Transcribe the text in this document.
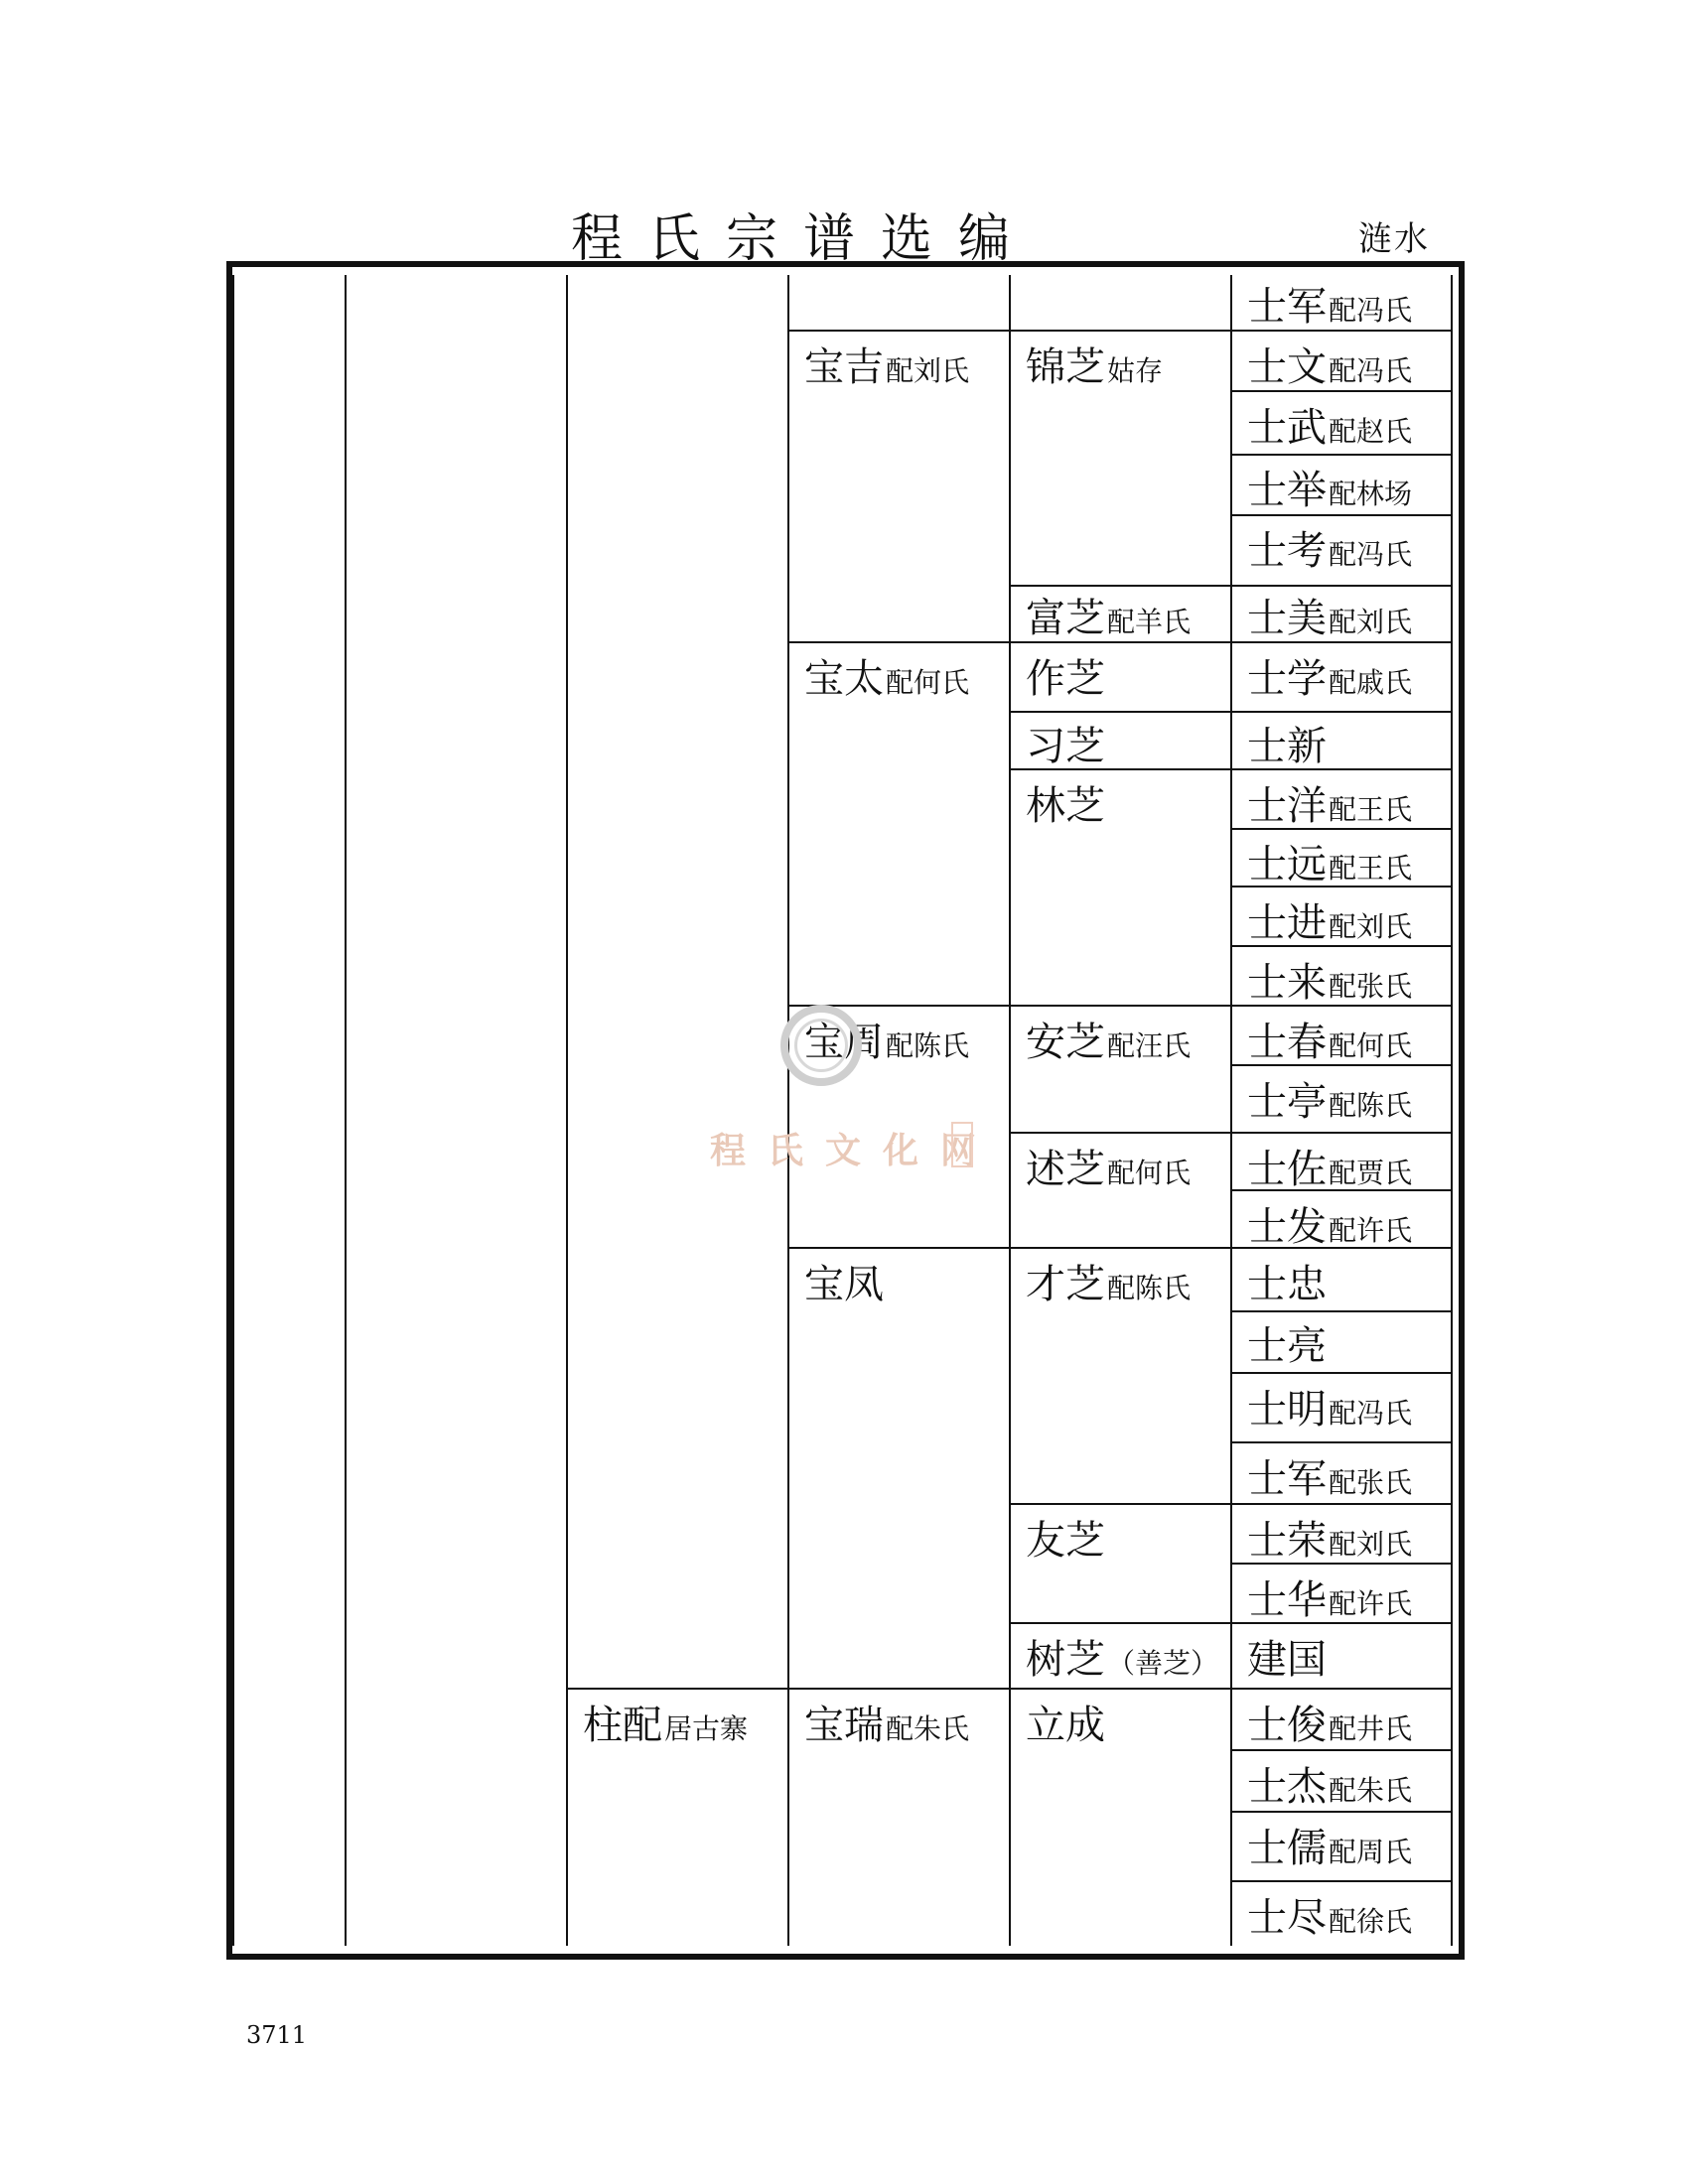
程氏宗谱选编	涟水
柱配居古寨
宝吉配刘氏
宝太配何氏
宝周配陈氏
宝凤
宝瑞配朱氏
锦芝姑存
富芝配羊氏
作芝
习芝
林芝
安芝配汪氏
述芝配何氏
才芝配陈氏
友芝
树芝（善芝）
立成
士军配冯氏
士文配冯氏
士武配赵氏
士举配林场
士考配冯氏
士美配刘氏
士学配戚氏
士新
士洋配王氏
士远配王氏
士进配刘氏
士来配张氏
士春配何氏
士亭配陈氏
士佐配贾氏
士发配许氏
士忠
士亮
士明配冯氏
士军配张氏
士荣配刘氏
士华配许氏
建国
士俊配井氏
士杰配朱氏
士儒配周氏
士尽配徐氏
程氏文化网
3711
